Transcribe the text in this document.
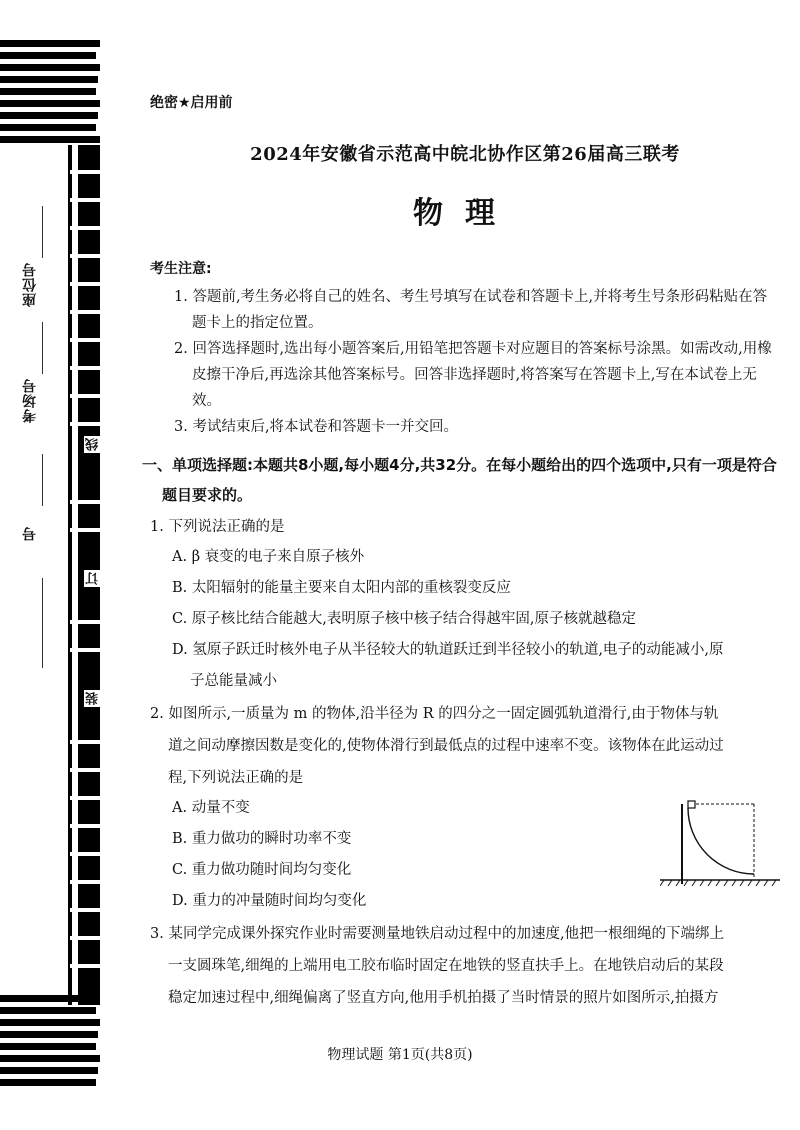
座位号
考场号
号
线
订
装
绝密★启用前
2024年安徽省示范高中皖北协作区第26届高三联考
物理
考生注意:
1. 答题前,考生务必将自己的姓名、考生号填写在试卷和答题卡上,并将考生号条形码粘贴在答题卡上的指定位置。
2. 回答选择题时,选出每小题答案后,用铅笔把答题卡对应题目的答案标号涂黑。如需改动,用橡皮擦干净后,再选涂其他答案标号。回答非选择题时,将答案写在答题卡上,写在本试卷上无效。
3. 考试结束后,将本试卷和答题卡一并交回。
一、单项选择题:本题共8小题,每小题4分,共32分。在每小题给出的四个选项中,只有一项是符合题目要求的。
1. 下列说法正确的是
A. β 衰变的电子来自原子核外
B. 太阳辐射的能量主要来自太阳内部的重核裂变反应
C. 原子核比结合能越大,表明原子核中核子结合得越牢固,原子核就越稳定
D. 氢原子跃迁时核外电子从半径较大的轨道跃迁到半径较小的轨道,电子的动能减小,原
子总能量减小
2. 如图所示,一质量为 m 的物体,沿半径为 R 的四分之一固定圆弧轨道滑行,由于物体与轨
道之间动摩擦因数是变化的,使物体滑行到最低点的过程中速率不变。该物体在此运动过
程,下列说法正确的是
A. 动量不变
B. 重力做功的瞬时功率不变
C. 重力做功随时间均匀变化
D. 重力的冲量随时间均匀变化
3. 某同学完成课外探究作业时需要测量地铁启动过程中的加速度,他把一根细绳的下端绑上
一支圆珠笔,细绳的上端用电工胶布临时固定在地铁的竖直扶手上。在地铁启动后的某段
稳定加速过程中,细绳偏离了竖直方向,他用手机拍摄了当时情景的照片如图所示,拍摄方
物理试题 第1页(共8页)
